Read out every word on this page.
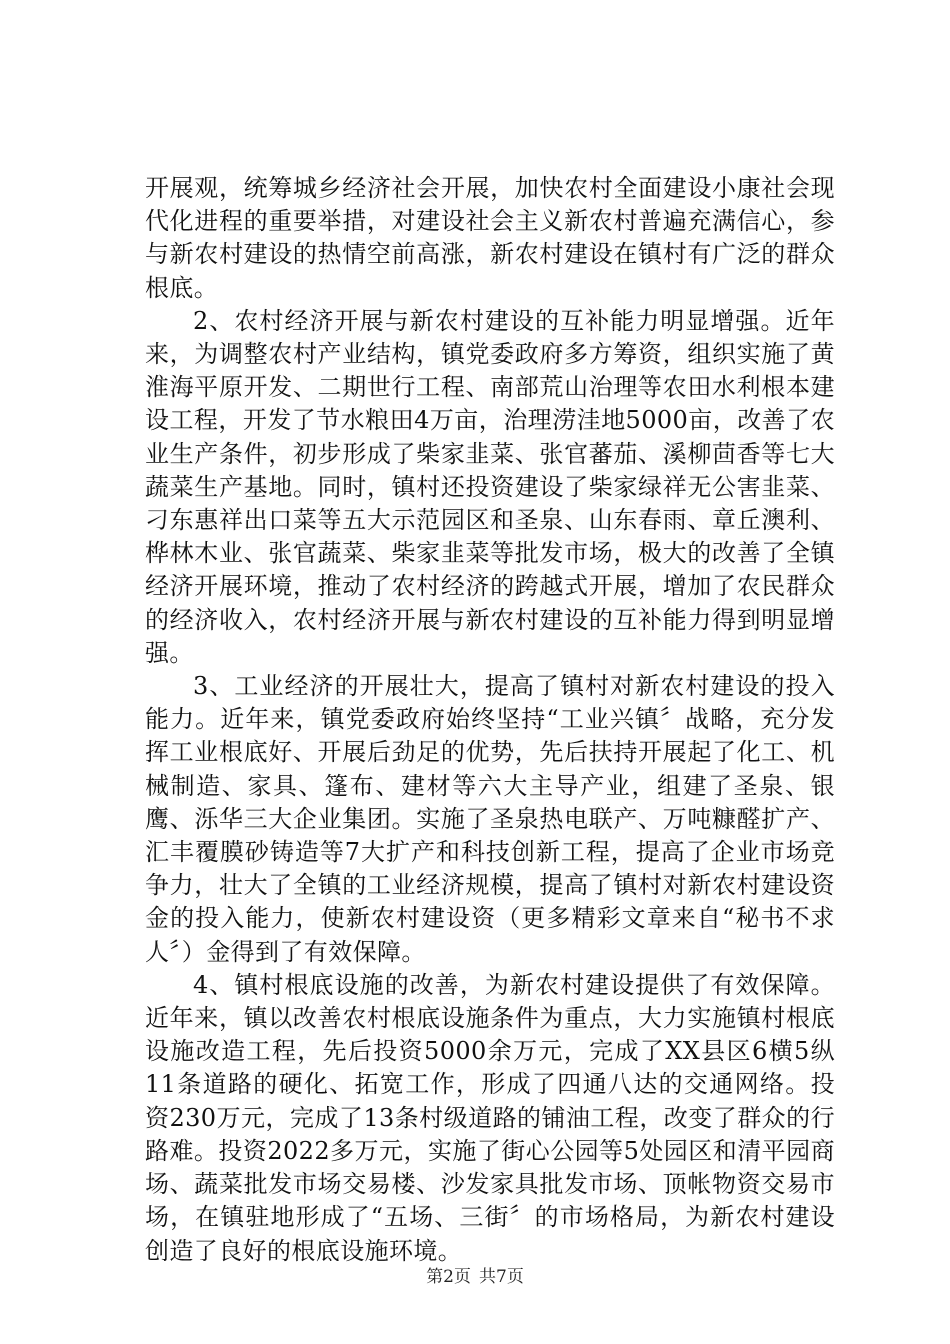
开展观，统筹城乡经济社会开展，加快农村全面建设小康社会现代化进程的重要举措，对建设社会主义新农村普遍充满信心，参与新农村建设的热情空前高涨，新农村建设在镇村有广泛的群众根底。

2、农村经济开展与新农村建设的互补能力明显增强。近年来，为调整农村产业结构，镇党委政府多方筹资，组织实施了黄淮海平原开发、二期世行工程、南部荒山治理等农田水利根本建设工程，开发了节水粮田4万亩，治理涝洼地5000亩，改善了农业生产条件，初步形成了柴家韭菜、张官蕃茄、溪柳茴香等七大蔬菜生产基地。同时，镇村还投资建设了柴家绿祥无公害韭菜、刁东惠祥出口菜等五大示范园区和圣泉、山东春雨、章丘澳利、桦林木业、张官蔬菜、柴家韭菜等批发市场，极大的改善了全镇经济开展环境，推动了农村经济的跨越式开展，增加了农民群众的经济收入，农村经济开展与新农村建设的互补能力得到明显增强。

3、工业经济的开展壮大，提高了镇村对新农村建设的投入能力。近年来，镇党委政府始终坚持“工业兴镇〞战略，充分发挥工业根底好、开展后劲足的优势，先后扶持开展起了化工、机械制造、家具、篷布、建材等六大主导产业，组建了圣泉、银鹰、泺华三大企业集团。实施了圣泉热电联产、万吨糠醛扩产、汇丰覆膜砂铸造等7大扩产和科技创新工程，提高了企业市场竞争力，壮大了全镇的工业经济规模，提高了镇村对新农村建设资金的投入能力，使新农村建设资（更多精彩文章来自“秘书不求人〞）金得到了有效保障。

4、镇村根底设施的改善，为新农村建设提供了有效保障。近年来，镇以改善农村根底设施条件为重点，大力实施镇村根底设施改造工程，先后投资5000余万元，完成了XX县区6横5纵11条道路的硬化、拓宽工作，形成了四通八达的交通网络。投资230万元，完成了13条村级道路的铺油工程，改变了群众的行路难。投资2022多万元，实施了街心公园等5处园区和清平园商场、蔬菜批发市场交易楼、沙发家具批发市场、顶帐物资交易市场，在镇驻地形成了“五场、三街〞的市场格局，为新农村建设创造了良好的根底设施环境。

第2页 共7页
